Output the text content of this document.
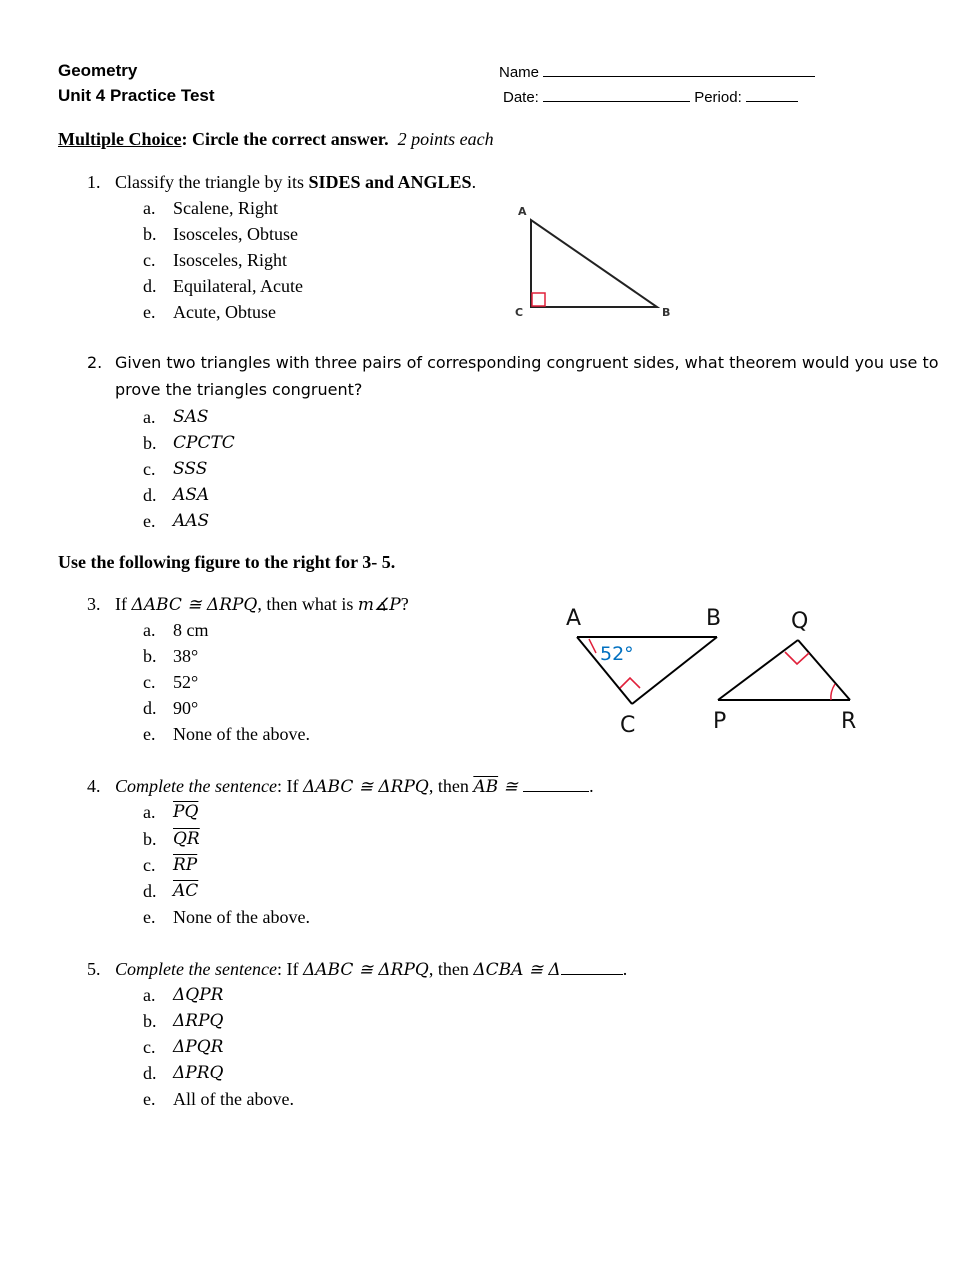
Geometry
Unit 4 Practice Test
Name
Date:	Period:
Multiple Choice: Circle the correct answer. 2 points each
1. Classify the triangle by its SIDES and ANGLES.
a. Scalene, Right
b. Isosceles, Obtuse
c. Isosceles, Right
d. Equilateral, Acute
e. Acute, Obtuse
A
C	B
2. Given two triangles with three pairs of corresponding congruent sides, what theorem would you use to
prove the triangles congruent?
a. SAS
b. CPCTC
c. SSS
d. ASA
e. AAS
Use the following figure to the right for 3- 5.
3. If ΔABC ≅ ΔRPQ, then what is m∡P?
a. 8 cm
b. 38°
c. 52°
d. 90°
e. None of the above.
52°
A	B
C
Q
P	R
4. Complete the sentence: If ΔABC ≅ ΔRPQ, then $\overline{AB}$ ≅	.
a. $\overline{PQ}$
b. $\overline{QR}$
c. $\overline{RP}$
d. $\overline{AC}$
e. None of the above.
5. Complete the sentence: If ΔABC ≅ ΔRPQ, then ΔCBA ≅ Δ	.
a. ΔQPR
b. ΔRPQ
c. ΔPQR
d. ΔPRQ
e. All of the above.
